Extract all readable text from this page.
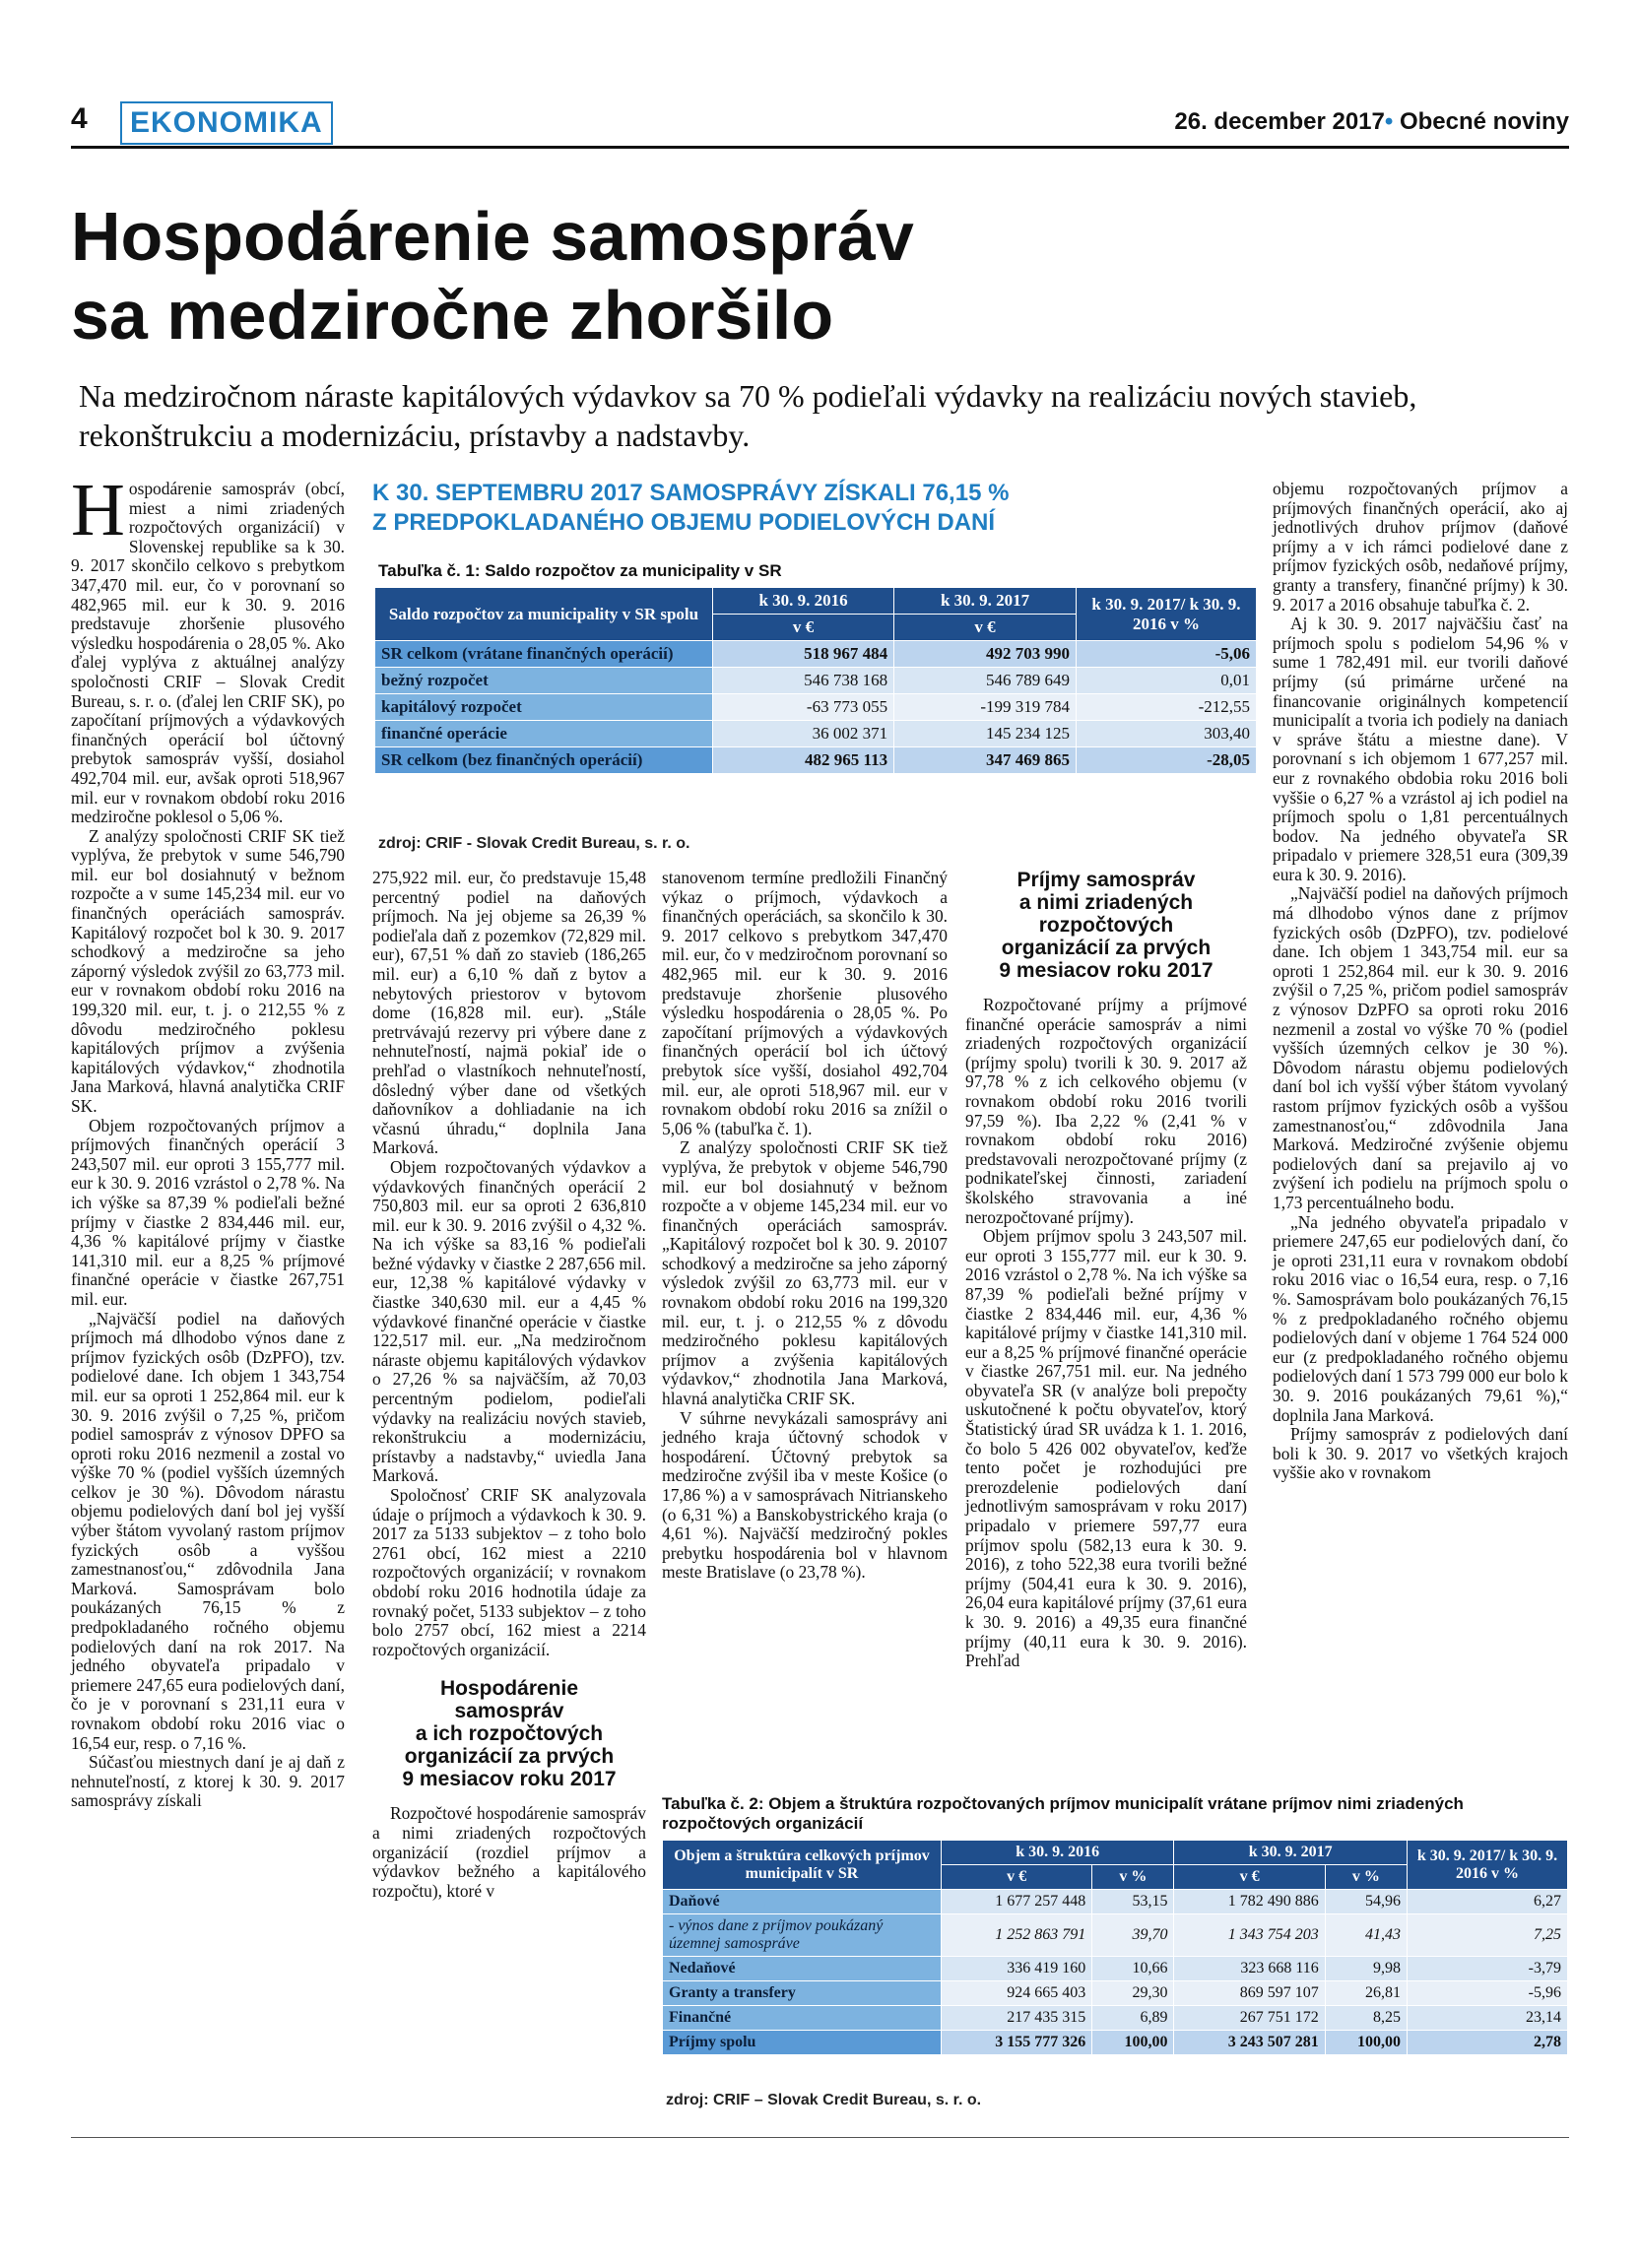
4	EKONOMIKA	26. december 2017• Obecné noviny
Hospodárenie samospráv
sa medziročne zhoršilo

Na medziročnom náraste kapitálových výdavkov sa 70 % podieľali výdavky na realizáciu nových stavieb, rekonštrukciu a modernizáciu, prístavby a nadstavby.

Hospodárenie samospráv (obcí, miest a nimi zriadených rozpočtových organizácií) v Slovenskej republike sa k 30. 9. 2017 skončilo celkovo s prebytkom 347,470 mil. eur, čo v porovnaní so 482,965 mil. eur k 30. 9. 2016 predstavuje zhoršenie plusového výsledku hospodárenia o 28,05 %. Ako ďalej vyplýva z aktuálnej analýzy spoločnosti CRIF – Slovak Credit Bureau, s. r. o. (ďalej len CRIF SK), po započítaní príjmových a výdavkových finančných operácií bol účtovný prebytok samospráv vyšší, dosiahol 492,704 mil. eur, avšak oproti 518,967 mil. eur v rovnakom období roku 2016 medziročne poklesol o 5,06 %.

Z analýzy spoločnosti CRIF SK tiež vyplýva, že prebytok v sume 546,790 mil. eur bol dosiahnutý v bežnom rozpočte a v sume 145,234 mil. eur vo finančných operáciách samospráv. Kapitálový rozpočet bol k 30. 9. 2017 schodkový a medziročne sa jeho záporný výsledok zvýšil zo 63,773 mil. eur v rovnakom období roku 2016 na 199,320 mil. eur, t. j. o 212,55 % z dôvodu medziročného poklesu kapitálových príjmov a zvýšenia kapitálových výdavkov,“ zhodnotila Jana Marková, hlavná analytička CRIF SK.

Objem rozpočtovaných príjmov a príjmových finančných operácií 3 243,507 mil. eur oproti 3 155,777 mil. eur k 30. 9. 2016 vzrástol o 2,78 %. Na ich výške sa 87,39 % podieľali bežné príjmy v čiastke 2 834,446 mil. eur, 4,36 % kapitálové príjmy v čiastke 141,310 mil. eur a 8,25 % príjmové finančné operácie v čiastke 267,751 mil. eur.

„Najväčší podiel na daňových príjmoch má dlhodobo výnos dane z príjmov fyzických osôb (DzPFO), tzv. podielové dane. Ich objem 1 343,754 mil. eur sa oproti 1 252,864 mil. eur k 30. 9. 2016 zvýšil o 7,25 %, pričom podiel samospráv z výnosov DPFO sa oproti roku 2016 nezmenil a zostal vo výške 70 % (podiel vyšších územných celkov je 30 %). Dôvodom nárastu objemu podielových daní bol jej vyšší výber štátom vyvolaný rastom príjmov fyzických osôb a vyššou zamestnanosťou,“ zdôvodnila Jana Marková. Samosprávam bolo poukázaných 76,15 % z predpokladaného ročného objemu podielových daní na rok 2017. Na jedného obyvateľa pripadalo v priemere 247,65 eura podielových daní, čo je v porovnaní s 231,11 eura v rovnakom období roku 2016 viac o 16,54 eur, resp. o 7,16 %.

Súčasťou miestnych daní je aj daň z nehnuteľností, z ktorej k 30. 9. 2017 samosprávy získali

K 30. SEPTEMBRU 2017 SAMOSPRÁVY ZÍSKALI 76,15 %
Z PREDPOKLADANÉHO OBJEMU PODIELOVÝCH DANÍ
Tabuľka č. 1: Saldo rozpočtov za municipality v SR
Saldo rozpočtov za municipality v SR spolu	k 30. 9. 2016	k 30. 9. 2017	k 30. 9. 2017/ k 30. 9. 2016 v %
	v €	v €	
SR celkom (vrátane finančných operácií)	518 967 484	492 703 990	-5,06
bežný rozpočet	546 738 168	546 789 649	0,01
kapitálový rozpočet	-63 773 055	-199 319 784	-212,55
finančné operácie	36 002 371	145 234 125	303,40
SR celkom (bez finančných operácií)	482 965 113	347 469 865	-28,05
zdroj: CRIF - Slovak Credit Bureau, s. r. o.

275,922 mil. eur, čo predstavuje 15,48 percentný podiel na daňových príjmoch. Na jej objeme sa 26,39 % podieľala daň z pozemkov (72,829 mil. eur), 67,51 % daň zo stavieb (186,265 mil. eur) a 6,10 % daň z bytov a nebytových priestorov v bytovom dome (16,828 mil. eur). „Stále pretrvávajú rezervy pri výbere dane z nehnuteľností, najmä pokiaľ ide o prehľad o vlastníkoch nehnuteľností, dôsledný výber dane od všetkých daňovníkov a dohliadanie na ich včasnú úhradu,“ doplnila Jana Marková.

Objem rozpočtovaných výdavkov a výdavkových finančných operácií 2 750,803 mil. eur sa oproti 2 636,810 mil. eur k 30. 9. 2016 zvýšil o 4,32 %. Na ich výške sa 83,16 % podieľali bežné výdavky v čiastke 2 287,656 mil. eur, 12,38 % kapitálové výdavky v čiastke 340,630 mil. eur a 4,45 % výdavkové finančné operácie v čiastke 122,517 mil. eur. „Na medziročnom náraste objemu kapitálových výdavkov o 27,26 % sa najväčším, až 70,03 percentným podielom, podieľali výdavky na realizáciu nových stavieb, rekonštrukciu a modernizáciu, prístavby a nadstavby,“ uviedla Jana Marková.

Spoločnosť CRIF SK analyzovala údaje o príjmoch a výdavkoch k 30. 9. 2017 za 5133 subjektov – z toho bolo 2761 obcí, 162 miest a 2210 rozpočtových organizácií; v rovnakom období roku 2016 hodnotila údaje za rovnaký počet, 5133 subjektov – z toho bolo 2757 obcí, 162 miest a 2214 rozpočtových organizácií.

Hospodárenie
samospráv
a ich rozpočtových
organizácií za prvých
9 mesiacov roku 2017

Rozpočtové hospodárenie samospráv a nimi zriadených rozpočtových organizácií (rozdiel príjmov a výdavkov bežného a kapitálového rozpočtu), ktoré v

stanovenom termíne predložili Finančný výkaz o príjmoch, výdavkoch a finančných operáciách, sa skončilo k 30. 9. 2017 celkovo s prebytkom 347,470 mil. eur, čo v medziročnom porovnaní so 482,965 mil. eur k 30. 9. 2016 predstavuje zhoršenie plusového výsledku hospodárenia o 28,05 %. Po započítaní príjmových a výdavkových finančných operácií bol ich účtový prebytok síce vyšší, dosiahol 492,704 mil. eur, ale oproti 518,967 mil. eur v rovnakom období roku 2016 sa znížil o 5,06 % (tabuľka č. 1).

Z analýzy spoločnosti CRIF SK tiež vyplýva, že prebytok v objeme 546,790 mil. eur bol dosiahnutý v bežnom rozpočte a v objeme 145,234 mil. eur vo finančných operáciách samospráv. „Kapitálový rozpočet bol k 30. 9. 20107 schodkový a medziročne sa jeho záporný výsledok zvýšil zo 63,773 mil. eur v rovnakom období roku 2016 na 199,320 mil. eur, t. j. o 212,55 % z dôvodu medziročného poklesu kapitálových príjmov a zvýšenia kapitálových výdavkov,“ zhodnotila Jana Marková, hlavná analytička CRIF SK.

V súhrne nevykázali samosprávy ani jedného kraja účtovný schodok v hospodárení. Účtovný prebytok sa medziročne zvýšil iba v meste Košice (o 17,86 %) a v samosprávach Nitrianskeho (o 6,31 %) a Banskobystrického kraja (o 4,61 %). Najväčší medziročný pokles prebytku hospodárenia bol v hlavnom meste Bratislave (o 23,78 %).

Príjmy samospráv
a nimi zriadených
rozpočtových
organizácií za prvých
9 mesiacov roku 2017

Rozpočtované príjmy a príjmové finančné operácie samospráv a nimi zriadených rozpočtových organizácií (príjmy spolu) tvorili k 30. 9. 2017 až 97,78 % z ich celkového objemu (v rovnakom období roku 2016 tvorili 97,59 %). Iba 2,22 % (2,41 % v rovnakom období roku 2016) predstavovali nerozpočtované príjmy (z podnikateľskej činnosti, zariadení školského stravovania a iné nerozpočtované príjmy).

Objem príjmov spolu 3 243,507 mil. eur oproti 3 155,777 mil. eur k 30. 9. 2016 vzrástol o 2,78 %. Na ich výške sa 87,39 % podieľali bežné príjmy v čiastke 2 834,446 mil. eur, 4,36 % kapitálové príjmy v čiastke 141,310 mil. eur a 8,25 % príjmové finančné operácie v čiastke 267,751 mil. eur. Na jedného obyvateľa SR (v analýze boli prepočty uskutočnené k počtu obyvateľov, ktorý Štatistický úrad SR uvádza k 1. 1. 2016, čo bolo 5 426 002 obyvateľov, keďže tento počet je rozhodujúci pre prerozdelenie podielových daní jednotlivým samosprávam v roku 2017) pripadalo v priemere 597,77 eura príjmov spolu (582,13 eura k 30. 9. 2016), z toho 522,38 eura tvorili bežné príjmy (504,41 eura k 30. 9. 2016), 26,04 eura kapitálové príjmy (37,61 eura k 30. 9. 2016) a 49,35 eura finančné príjmy (40,11 eura k 30. 9. 2016). Prehľad

objemu rozpočtovaných príjmov a príjmových finančných operácií, ako aj jednotlivých druhov príjmov (daňové príjmy a v ich rámci podielové dane z príjmov fyzických osôb, nedaňové príjmy, granty a transfery, finančné príjmy) k 30. 9. 2017 a 2016 obsahuje tabuľka č. 2.

Aj k 30. 9. 2017 najväčšiu časť na príjmoch spolu s podielom 54,96 % v sume 1 782,491 mil. eur tvorili daňové príjmy (sú primárne určené na financovanie originálnych kompetencií municipalít a tvoria ich podiely na daniach v správe štátu a miestne dane). V porovnaní s ich objemom 1 677,257 mil. eur z rovnakého obdobia roku 2016 boli vyššie o 6,27 % a vzrástol aj ich podiel na príjmoch spolu o 1,81 percentuálnych bodov. Na jedného obyvateľa SR pripadalo v priemere 328,51 eura (309,39 eura k 30. 9. 2016).

„Najväčší podiel na daňových príjmoch má dlhodobo výnos dane z príjmov fyzických osôb (DzPFO), tzv. podielové dane. Ich objem 1 343,754 mil. eur sa oproti 1 252,864 mil. eur k 30. 9. 2016 zvýšil o 7,25 %, pričom podiel samospráv z výnosov DzPFO sa oproti roku 2016 nezmenil a zostal vo výške 70 % (podiel vyšších územných celkov je 30 %). Dôvodom nárastu objemu podielových daní bol ich vyšší výber štátom vyvolaný rastom príjmov fyzických osôb a vyššou zamestnanosťou,“ zdôvodnila Jana Marková. Medziročné zvýšenie objemu podielových daní sa prejavilo aj vo zvýšení ich podielu na príjmoch spolu o 1,73 percentuálneho bodu.

„Na jedného obyvateľa pripadalo v priemere 247,65 eur podielových daní, čo je oproti 231,11 eura v rovnakom období roku 2016 viac o 16,54 eura, resp. o 7,16 %. Samosprávam bolo poukázaných 76,15 % z predpokladaného ročného objemu podielových daní v objeme 1 764 524 000 eur (z predpokladaného ročného objemu podielových daní 1 573 799 000 eur bolo k 30. 9. 2016 poukázaných 79,61 %),“ doplnila Jana Marková.

Príjmy samospráv z podielových daní boli k 30. 9. 2017 vo všetkých krajoch vyššie ako v rovnakom

Tabuľka č. 2: Objem a štruktúra rozpočtovaných príjmov municipalít vrátane príjmov nimi zriadených
rozpočtových organizácií
Objem a štruktúra celkových príjmov municipalít v SR	k 30. 9. 2016		k 30. 9. 2017		k 30. 9. 2017/ k 30. 9. 2016 v %
	v €	v %	v €	v %	
Daňové	1 677 257 448	53,15	1 782 490 886	54,96	6,27
- výnos dane z príjmov poukázaný územnej samospráve	1 252 863 791	39,70	1 343 754 203	41,43	7,25
Nedaňové	336 419 160	10,66	323 668 116	9,98	-3,79
Granty a transfery	924 665 403	29,30	869 597 107	26,81	-5,96
Finančné	217 435 315	6,89	267 751 172	8,25	23,14
Príjmy spolu	3 155 777 326	100,00	3 243 507 281	100,00	2,78
zdroj: CRIF – Slovak Credit Bureau, s. r. o.
